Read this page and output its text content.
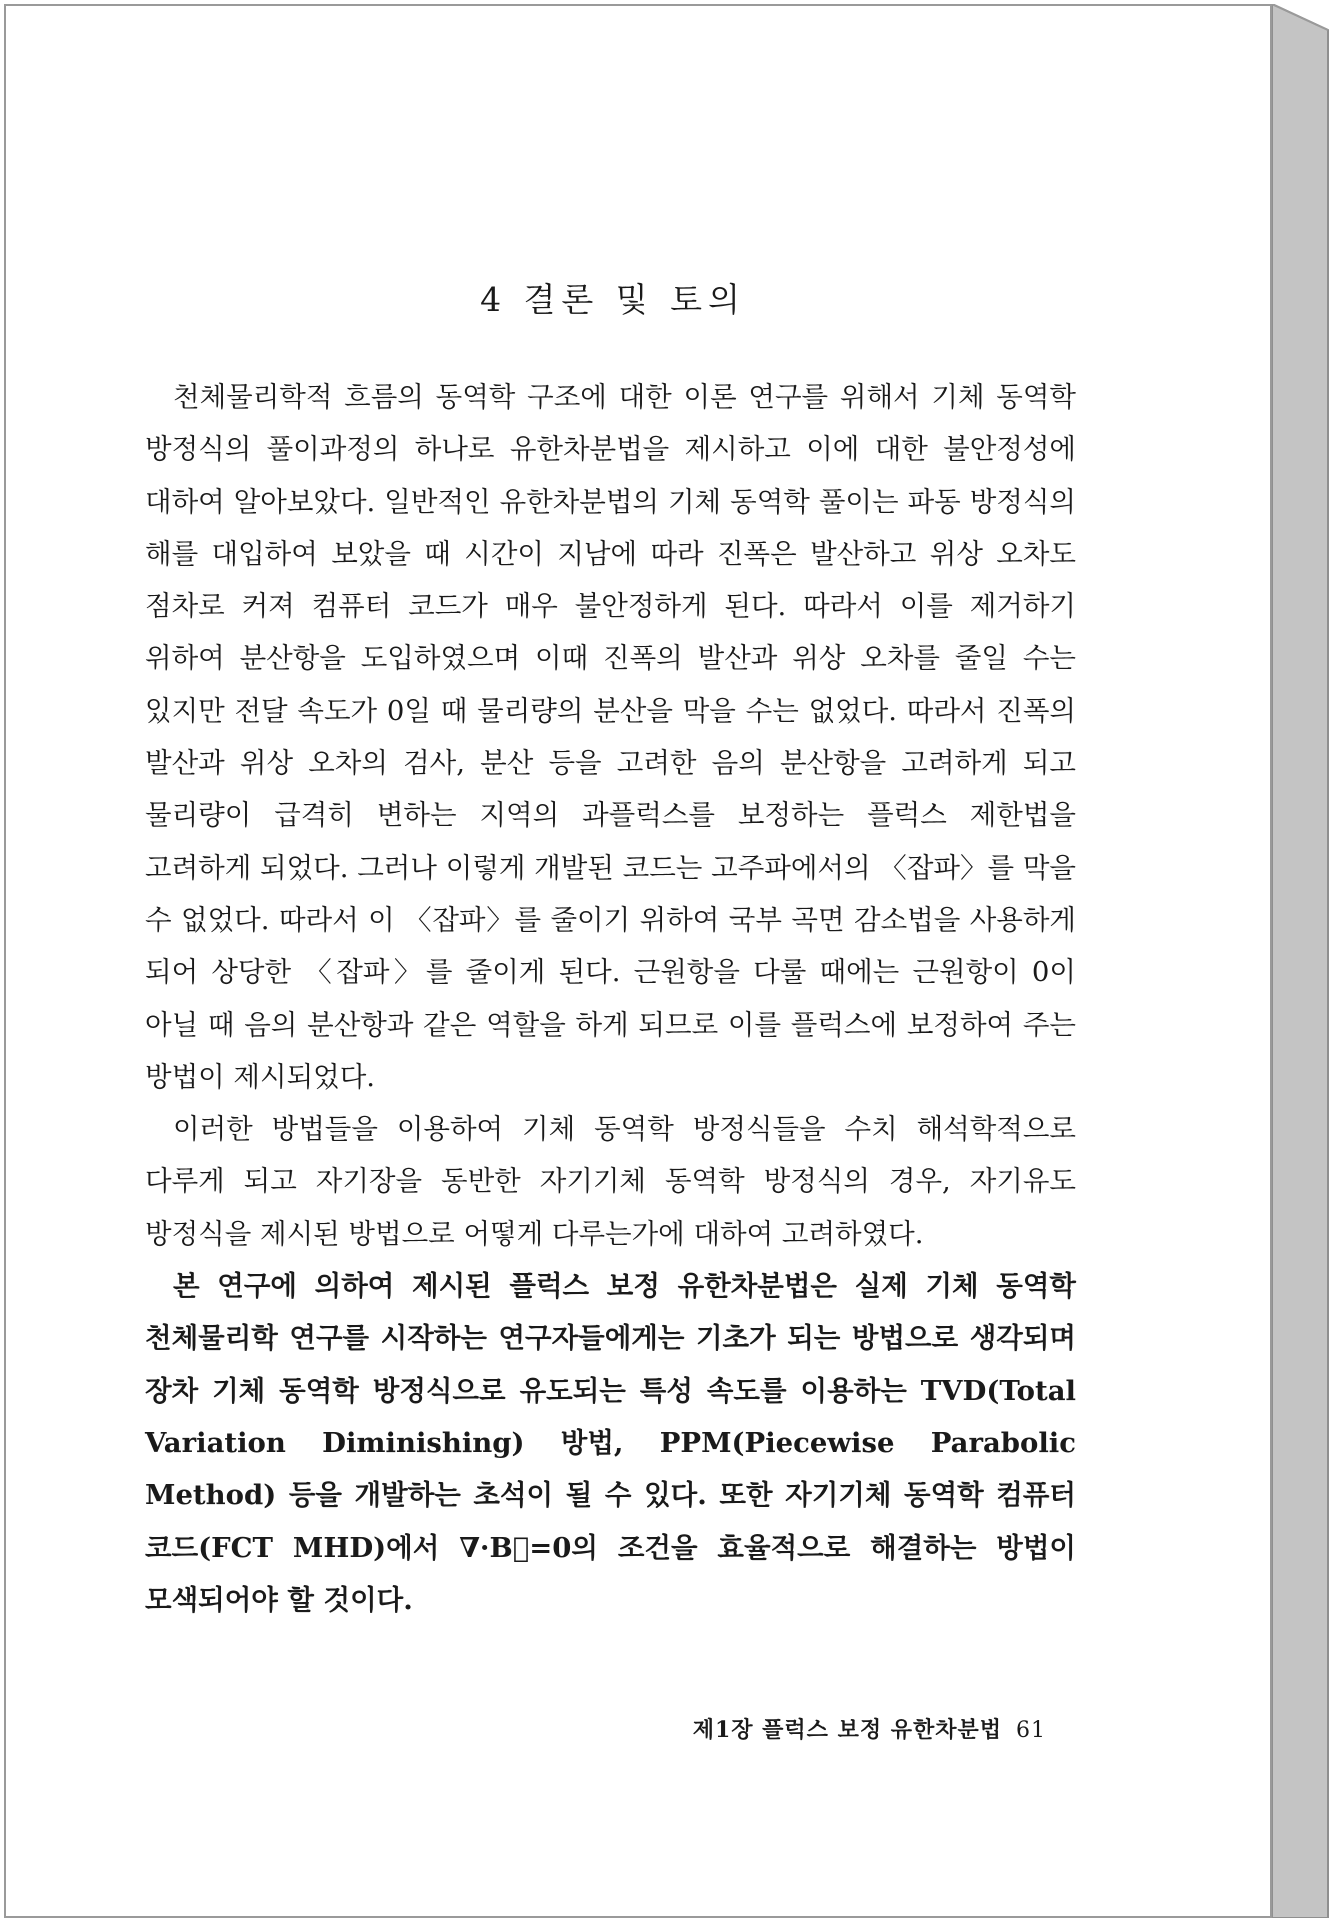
4 결론 및 토의

천체물리학적 흐름의 동역학 구조에 대한 이론 연구를 위해서 기체 동역학 방정식의 풀이과정의 하나로 유한차분법을 제시하고 이에 대한 불안정성에 대하여 알아보았다. 일반적인 유한차분법의 기체 동역학 풀이는 파동 방정식의 해를 대입하여 보았을 때 시간이 지남에 따라 진폭은 발산하고 위상 오차도 점차로 커져 컴퓨터 코드가 매우 불안정하게 된다. 따라서 이를 제거하기 위하여 분산항을 도입하였으며 이때 진폭의 발산과 위상 오차를 줄일 수는 있지만 전달 속도가 0일 때 물리량의 분산을 막을 수는 없었다. 따라서 진폭의 발산과 위상 오차의 검사, 분산 등을 고려한 음의 분산항을 고려하게 되고 물리량이 급격히 변하는 지역의 과플럭스를 보정하는 플럭스 제한법을 고려하게 되었다. 그러나 이렇게 개발된 코드는 고주파에서의 〈잡파〉를 막을 수 없었다. 따라서 이 〈잡파〉를 줄이기 위하여 국부 곡면 감소법을 사용하게 되어 상당한 〈잡파〉를 줄이게 된다. 근원항을 다룰 때에는 근원항이 0이 아닐 때 음의 분산항과 같은 역할을 하게 되므로 이를 플럭스에 보정하여 주는 방법이 제시되었다.

이러한 방법들을 이용하여 기체 동역학 방정식들을 수치 해석학적으로 다루게 되고 자기장을 동반한 자기기체 동역학 방정식의 경우, 자기유도 방정식을 제시된 방법으로 어떻게 다루는가에 대하여 고려하였다.

본 연구에 의하여 제시된 플럭스 보정 유한차분법은 실제 기체 동역학 천체물리학 연구를 시작하는 연구자들에게는 기초가 되는 방법으로 생각되며 장차 기체 동역학 방정식으로 유도되는 특성 속도를 이용하는 TVD(Total Variation Diminishing) 방법, PPM(Piecewise Parabolic Method) 등을 개발하는 초석이 될 수 있다. 또한 자기기체 동역학 컴퓨터 코드(FCT MHD)에서 ∇·B⃗=0의 조건을 효율적으로 해결하는 방법이 모색되어야 할 것이다.

제1장 플럭스 보정 유한차분법 61
